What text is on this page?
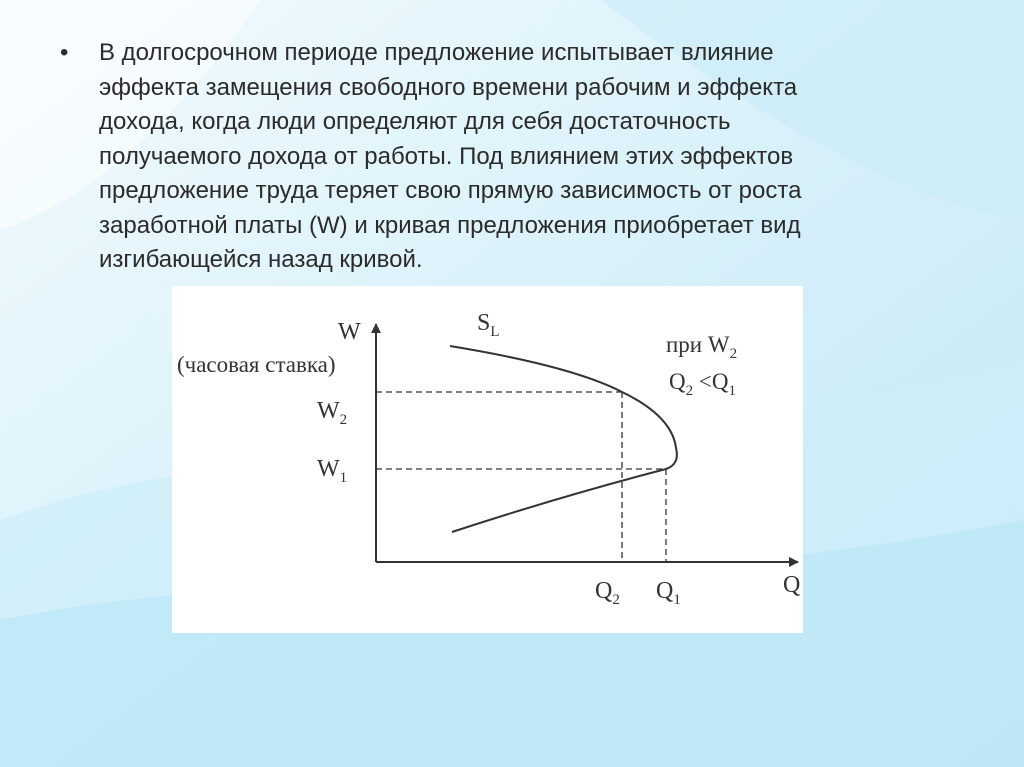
• В долгосрочном периоде предложение испытывает влияние
эффекта замещения свободного времени рабочим и эффекта
дохода, когда люди определяют для себя достаточность
получаемого дохода от работы. Под влиянием этих эффектов
предложение труда теряет свою прямую зависимость от роста
заработной платы (W) и кривая предложения приобретает вид
изгибающейся назад кривой.
W
(часовая ставка)
$S_L$
$W_2$
$W_1$
$Q_2$ $Q_1$
Q
при $W_2$
$Q_2 <Q_1$
